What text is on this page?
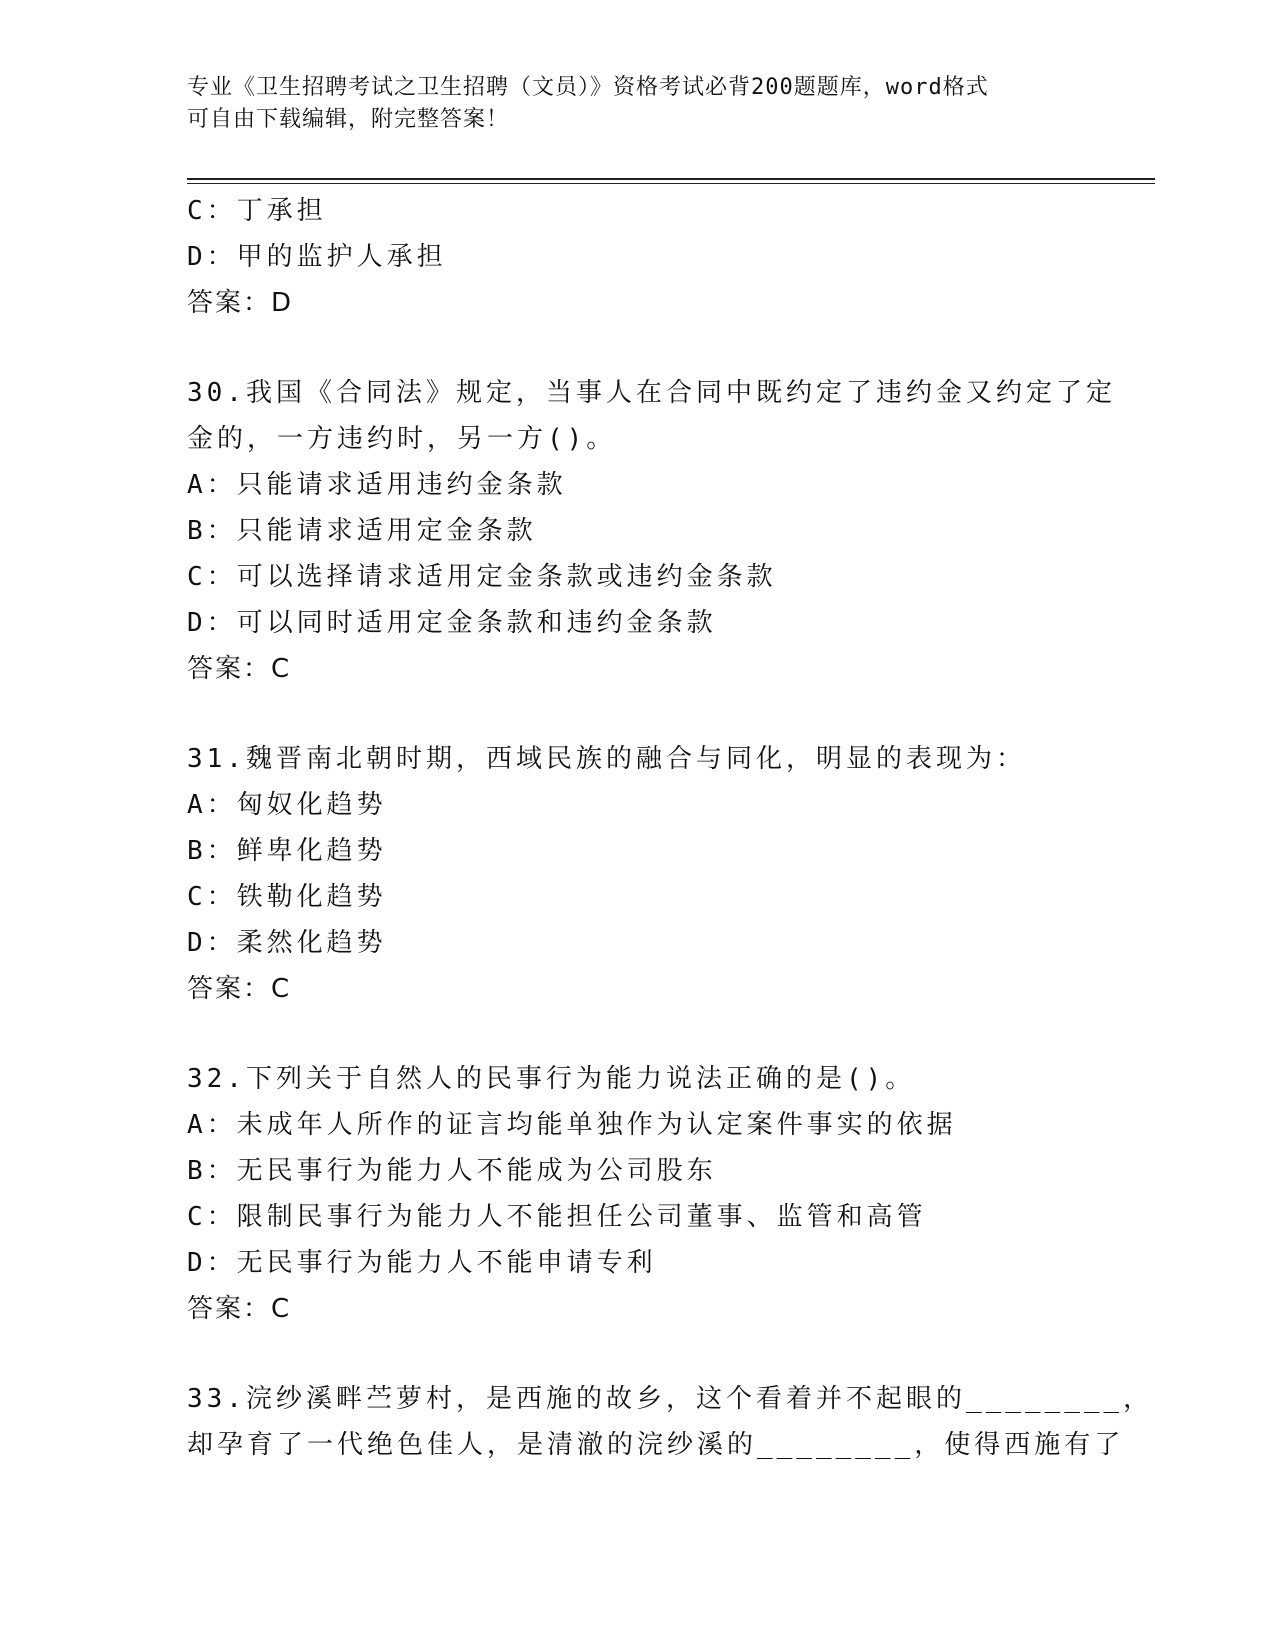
专业《卫生招聘考试之卫生招聘（文员）》资格考试必背200题题库，word格式
可自由下载编辑，附完整答案！
C：丁承担
D：甲的监护人承担
答案：D
30.我国《合同法》规定，当事人在合同中既约定了违约金又约定了定
金的，一方违约时，另一方()。
A：只能请求适用违约金条款
B：只能请求适用定金条款
C：可以选择请求适用定金条款或违约金条款
D：可以同时适用定金条款和违约金条款
答案：C
31.魏晋南北朝时期，西域民族的融合与同化，明显的表现为：
A：匈奴化趋势
B：鲜卑化趋势
C：铁勒化趋势
D：柔然化趋势
答案：C
32.下列关于自然人的民事行为能力说法正确的是()。
A：未成年人所作的证言均能单独作为认定案件事实的依据
B：无民事行为能力人不能成为公司股东
C：限制民事行为能力人不能担任公司董事、监管和高管
D：无民事行为能力人不能申请专利
答案：C
33.浣纱溪畔苎萝村，是西施的故乡，这个看着并不起眼的________，
却孕育了一代绝色佳人，是清澈的浣纱溪的________，使得西施有了
